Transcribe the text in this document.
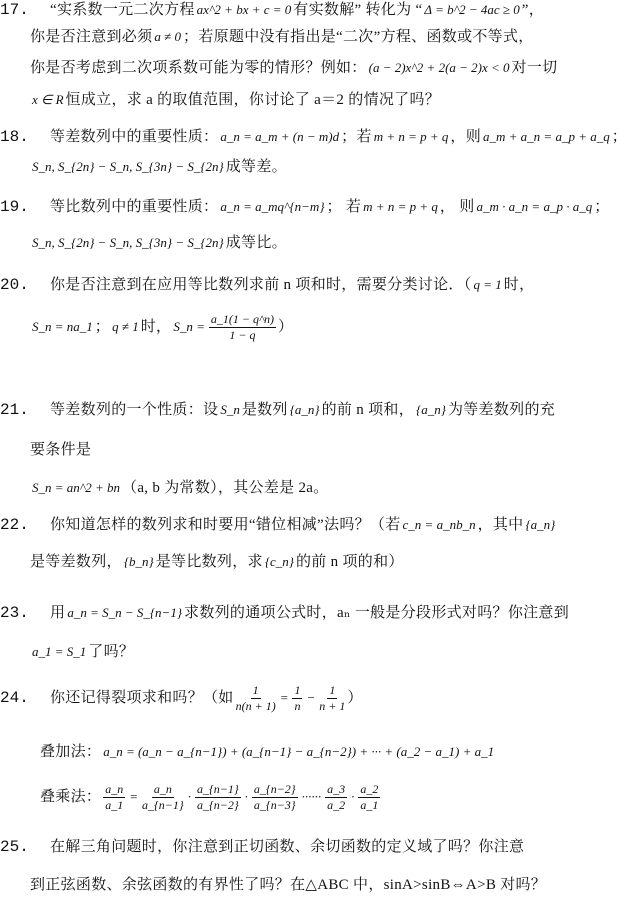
17. “实系数一元二次方程 ax^2 + bx + c = 0 有实数解” 转化为 “ Δ = b^2 − 4ac ≥ 0 ”，
你是否注意到必须 a ≠ 0 ；若原题中没有指出是“二次”方程、函数或不等式，
你是否考虑到二次项系数可能为零的情形？例如： (a − 2)x^2 + 2(a − 2)x < 0 对一切
x ∈ R 恒成立，求 a 的取值范围，你讨论了 a＝2 的情况了吗？
18. 等差数列中的重要性质： a_n = a_m + (n − m)d ；若 m + n = p + q ，则 a_m + a_n = a_p + a_q ；
S_n, S_{2n} − S_n, S_{3n} − S_{2n} 成等差。
19. 等比数列中的重要性质： a_n = a_mq^{n−m} ； 若 m + n = p + q ， 则 a_m · a_n = a_p · a_q ；
S_n, S_{2n} − S_n, S_{3n} − S_{2n} 成等比。
20. 你是否注意到在应用等比数列求前 n 项和时，需要分类讨论．（ q = 1 时，
S_n = na_1 ； q ≠ 1 时， S_n = $\frac{a\_1(1 - q\^{}n)}{1 - q}$ ）
21. 等差数列的一个性质：设 S_n 是数列 {a_n} 的前 n 项和， {a_n} 为等差数列的充
要条件是
S_n = an^2 + bn （a, b 为常数），其公差是 2a。
22. 你知道怎样的数列求和时要用“错位相减”法吗？（若 c_n = a_nb_n ，其中 {a_n}
是等差数列， {b_n} 是等比数列，求 {c_n} 的前 n 项的和）
23. 用 a_n = S_n − S_{n−1} 求数列的通项公式时，aₙ 一般是分段形式对吗？你注意到
a_1 = S_1 了吗？
24. 你还记得裂项求和吗？（如 $\frac{1}{n(n + 1)} = \frac{1}{n} - \frac{1}{n + 1}$ ）
叠加法： a_n = (a_n − a_{n−1}) + (a_{n−1} − a_{n−2}) + ··· + (a_2 − a_1) + a_1
叠乘法： $\frac{a\_n}{a\_1} = \frac{a\_n}{a\_\{n-1\}} \cdot \frac{a\_\{n-1\}}{a\_\{n-2\}} \cdot \frac{a\_\{n-2\}}{a\_\{n-3\}}$ ······ $\frac{a\_3}{a\_2} \cdot \frac{a\_2}{a\_1}$
25. 在解三角问题时，你注意到正切函数、余切函数的定义域了吗？你注意
到正弦函数、余弦函数的有界性了吗？在△ABC 中，sinA>sinB⇔A>B 对吗？
